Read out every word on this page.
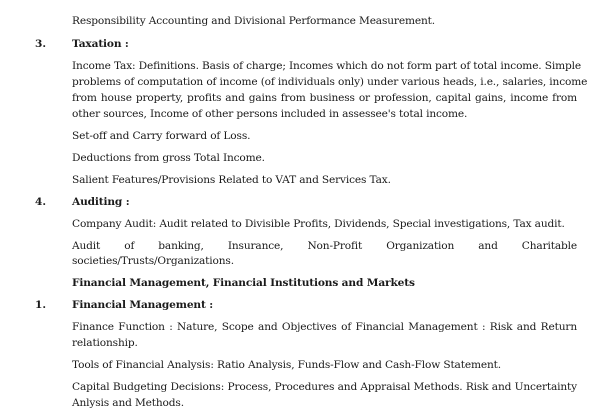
Responsibility Accounting and Divisional Performance Measurement.
3. Taxation :
Income Tax: Definitions. Basis of charge; Incomes which do not form part of total income. Simple
problems of computation of income (of individuals only) under various heads, i.e., salaries, income
from house property, profits and gains from business or profession, capital gains, income from
other sources, Income of other persons included in assessee's total income.
Set-off and Carry forward of Loss.
Deductions from gross Total Income.
Salient Features/Provisions Related to VAT and Services Tax.
4. Auditing :
Company Audit: Audit related to Divisible Profits, Dividends, Special investigations, Tax audit.
Audit of banking, Insurance, Non-Profit Organization and Charitable
societies/Trusts/Organizations.
Financial Management, Financial Institutions and Markets
1. Financial Management :
Finance Function : Nature, Scope and Objectives of Financial Management : Risk and Return
relationship.
Tools of Financial Analysis: Ratio Analysis, Funds-Flow and Cash-Flow Statement.
Capital Budgeting Decisions: Process, Procedures and Appraisal Methods. Risk and Uncertainty
Anlysis and Methods.
